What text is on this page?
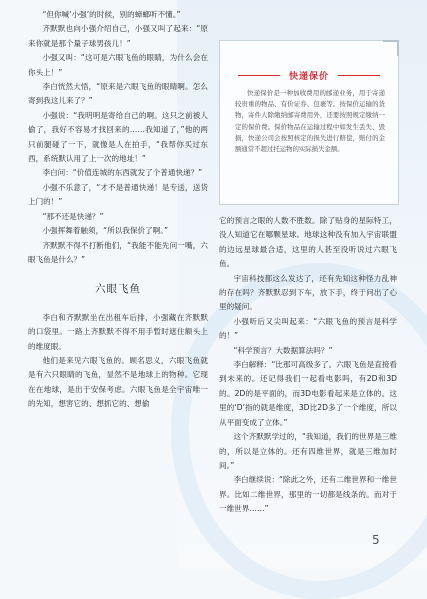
“但你喊‘小强’的时候，别的蟑螂听不懂。”

齐默默也向小强介绍自己，小强又叫了起来：“原来你就是那个量子球男孩儿！”

小强又叫：“这可是六眼飞鱼的眼睛，为什么会在你头上！”

李白恍然大悟，“原来是六眼飞鱼的眼睛啊。怎么寄到我这儿来了？”

小强说：“我明明是寄给自己的啊。这只之前被人偷了，我好不容易才找回来的……我知道了，”他的两只前腿碰了一下，就像是人在拍手，“我帮你买过东西，系统默认用了上一次的地址！”

李白问：“价值连城的东西就发了个普通快递？”

小强不乐意了，“才不是普通快递！是专送，送货上门的！”

“那不还是快递？”

小强挥舞着触须，“所以我保价了啊。”

齐默默不得不打断他们，“我能不能先问一嘴，六眼飞鱼是什么？”

六眼飞鱼

李白和齐默默坐在出租车后排，小强藏在齐默默的口袋里。一路上齐默默不得不用手暂时遮住额头上的维度眼。

他们是来见六眼飞鱼的。顾名思义，六眼飞鱼就是有六只眼睛的飞鱼，显然不是地球上的物种。它现在在地球，是出于安保考虑。六眼飞鱼是全宇宙唯一的先知，想害它的、想抓它的、想偷

快递保价
快递保价是一种加收费用的邮递业务，用于寄递较贵重的物品、有价证券、包裹等。按保价运输的货物，寄件人除缴纳邮寄费用外，还要按照规定缴纳一定的保价费。保价物品在运输过程中如发生丢失、毁损，快递公司会按照核定的损失进行赔偿，赔付的金额通常不超过托运物的实际损失金额。

它的预言之眼的人数不胜数。除了贴身的星际特工，没人知道它在哪颗星球。地球这种没有加入宇宙联盟的边远星球最合适，这里的人甚至没听说过六眼飞鱼。

宇宙科技都这么发达了，还有先知这种怪力乱神的存在吗？齐默默忍到下车，放下手，终于问出了心里的疑问。

小强听后又尖叫起来：“六眼飞鱼的预言是科学的！”

“科学预言？大数据算法吗？”

李白解释：“比那可高级多了。六眼飞鱼是直接看到未来的。还记得我们一起看电影吗，有2D和3D的。2D的是平面的，而3D电影看起来是立体的。这里的‘D’指的就是维度，3D比2D多了一个维度，所以从平面变成了立体。”

这个齐默默学过的，“我知道，我们的世界是三维的，所以是立体的。还有四维世界，就是三维加时间。”

李白继续说：“除此之外，还有二维世界和一维世界。比如二维世界，那里的一切都是线条的。而对于一维世界……”

5
